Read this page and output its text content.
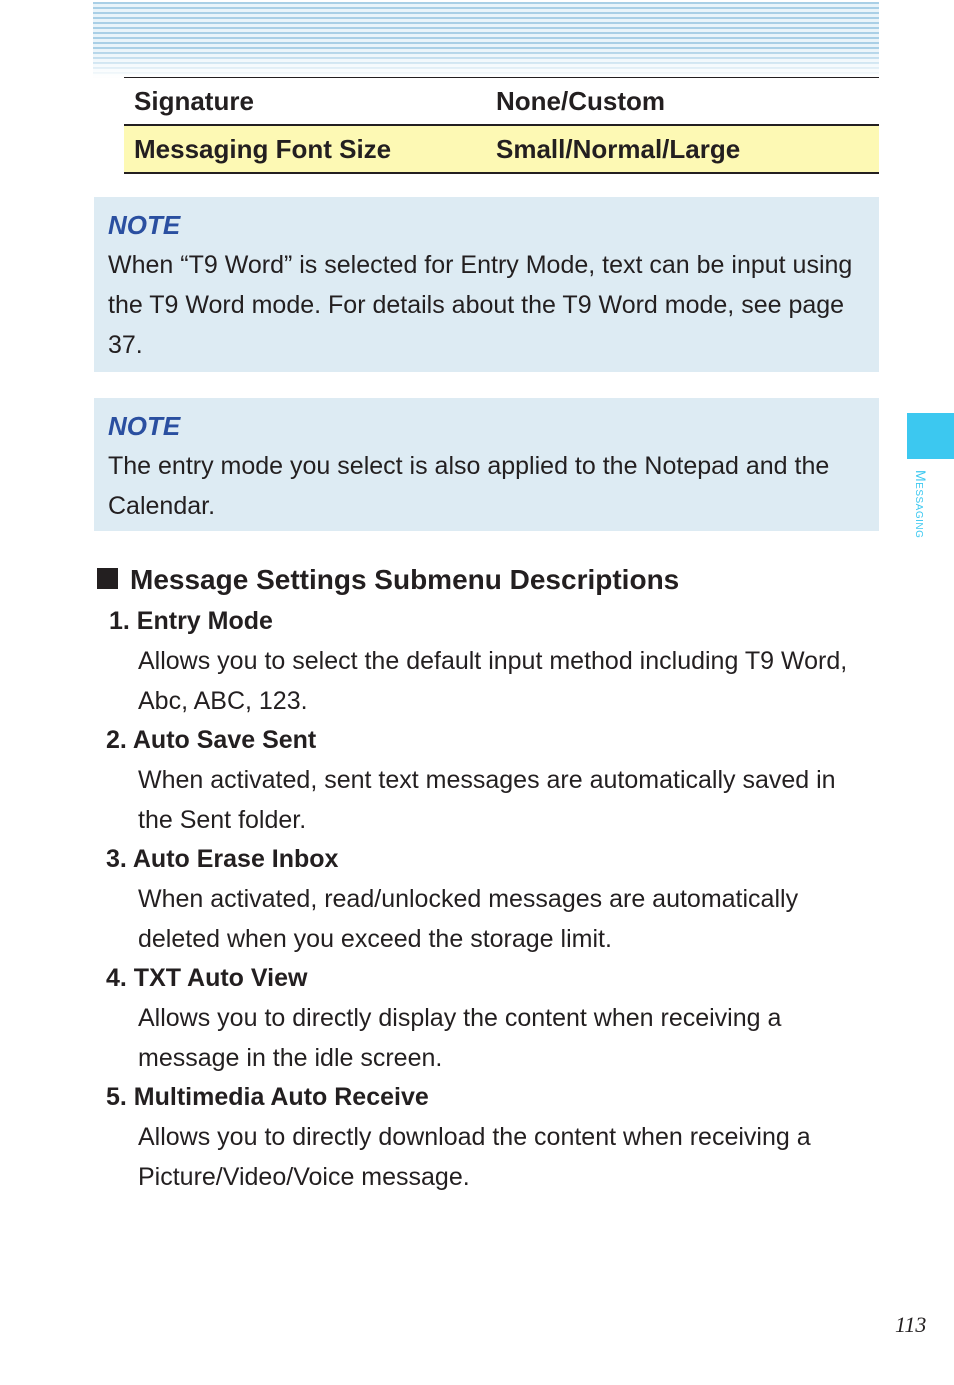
Signature	None/Custom
Messaging Font Size	Small/Normal/Large
NOTE
When “T9 Word” is selected for Entry Mode, text can be input using the T9 Word mode. For details about the T9 Word mode, see page 37.
NOTE
The entry mode you select is also applied to the Notepad and the Calendar.
Message Settings Submenu Descriptions
1. Entry Mode
Allows you to select the default input method including T9 Word, Abc, ABC, 123.
2. Auto Save Sent
When activated, sent text messages are automatically saved in the Sent folder.
3. Auto Erase Inbox
When activated, read/unlocked messages are automatically deleted when you exceed the storage limit.
4. TXT Auto View
Allows you to directly display the content when receiving a message in the idle screen.
5. Multimedia Auto Receive
Allows you to directly download the content when receiving a Picture/Video/Voice message.
Messaging
113
